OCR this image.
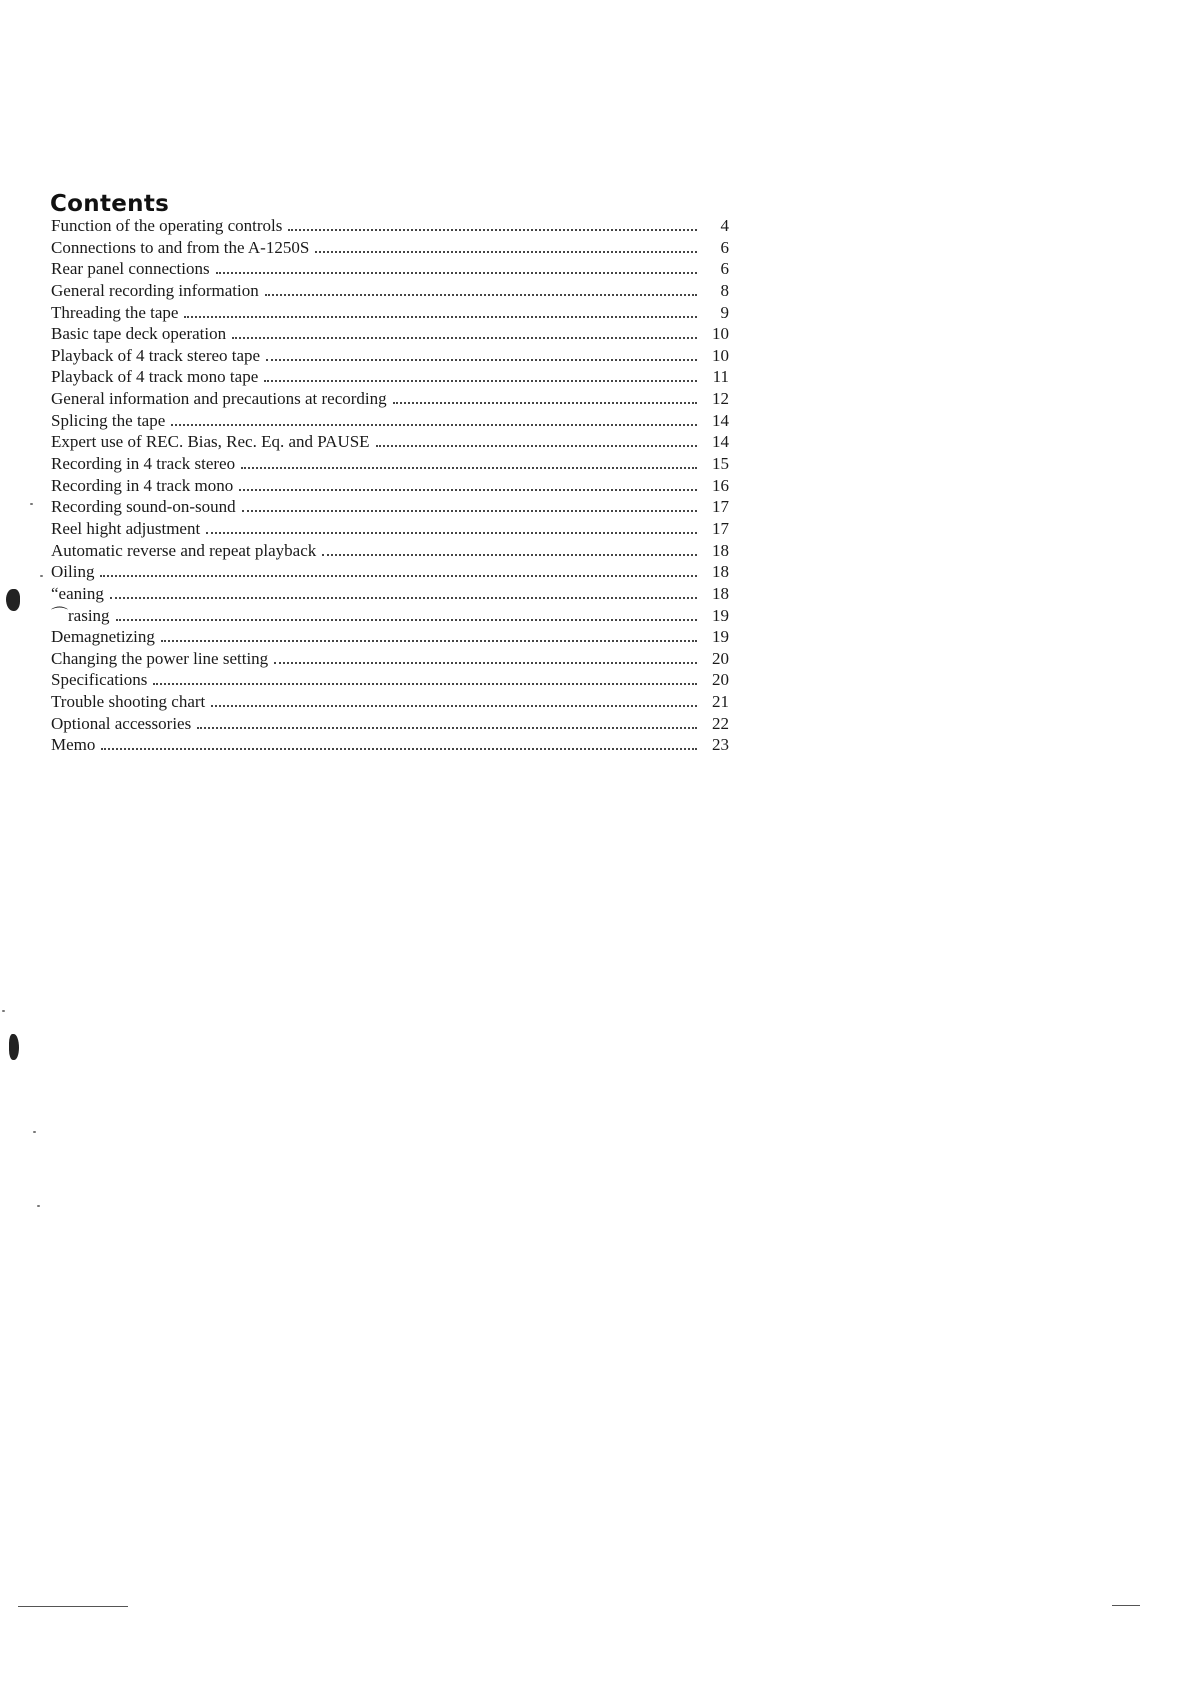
Contents
Function of the operating controls	4
Connections to and from the A-1250S	6
Rear panel connections	6
General recording information	8
Threading the tape	9
Basic tape deck operation	10
Playback of 4 track stereo tape	10
Playback of 4 track mono tape	11
General information and precautions at recording	12
Splicing the tape	14
Expert use of REC. Bias, Rec. Eq. and PAUSE	14
Recording in 4 track stereo	15
Recording in 4 track mono	16
Recording sound-on-sound	17
Reel hight adjustment	17
Automatic reverse and repeat playback	18
Oiling	18
“eaning	18
⌒rasing	19
Demagnetizing	19
Changing the power line setting	20
Specifications	20
Trouble shooting chart	21
Optional accessories	22
Memo	23
